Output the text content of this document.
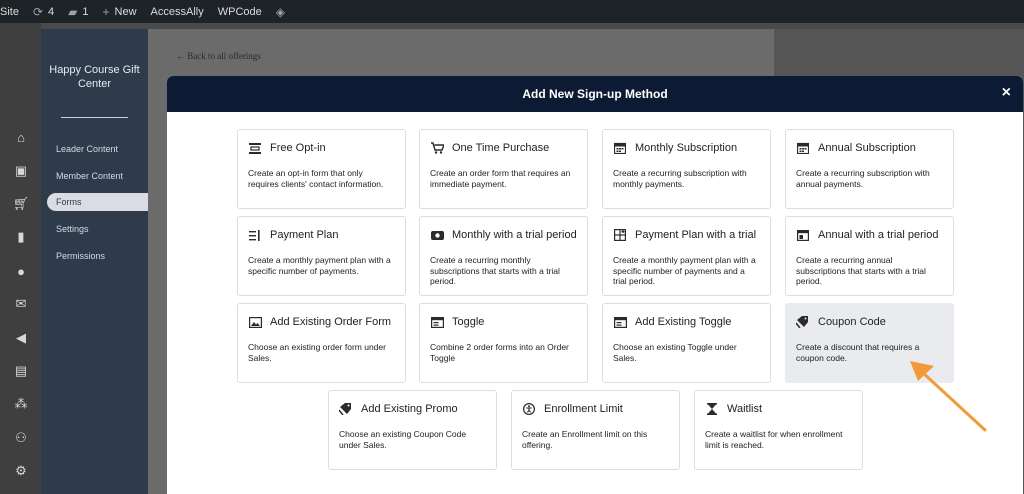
Site ⟳ 4 ▰ 1 + New AccessAlly WPCode ◈
⌂
▣
🛒︎
▮
●
✉
◀
▤
⁂
⚇
⚙
Happy Course Gift Center
Leader Content
Member Content
Forms
Settings
Permissions
← Back to all offerings
Add New Sign-up Method	×
Free Opt-in
Create an opt-in form that only requires clients' contact information.
One Time Purchase
Create an order form that requires an immediate payment.
Monthly Subscription
Create a recurring subscription with monthly payments.
Annual Subscription
Create a recurring subscription with annual payments.
Payment Plan
Create a monthly payment plan with a specific number of payments.
Monthly with a trial period
Create a recurring monthly subscriptions that starts with a trial period.
Payment Plan with a trial
Create a monthly payment plan with a specific number of payments and a trial period.
Annual with a trial period
Create a recurring annual subscriptions that starts with a trial period.
Add Existing Order Form
Choose an existing order form under Sales.
Toggle
Combine 2 order forms into an Order Toggle
Add Existing Toggle
Choose an existing Toggle under Sales.
Coupon Code
Create a discount that requires a coupon code.
Add Existing Promo
Choose an existing Coupon Code under Sales.
Enrollment Limit
Create an Enrollment limit on this offering.
Waitlist
Create a waitlist for when enrollment limit is reached.
